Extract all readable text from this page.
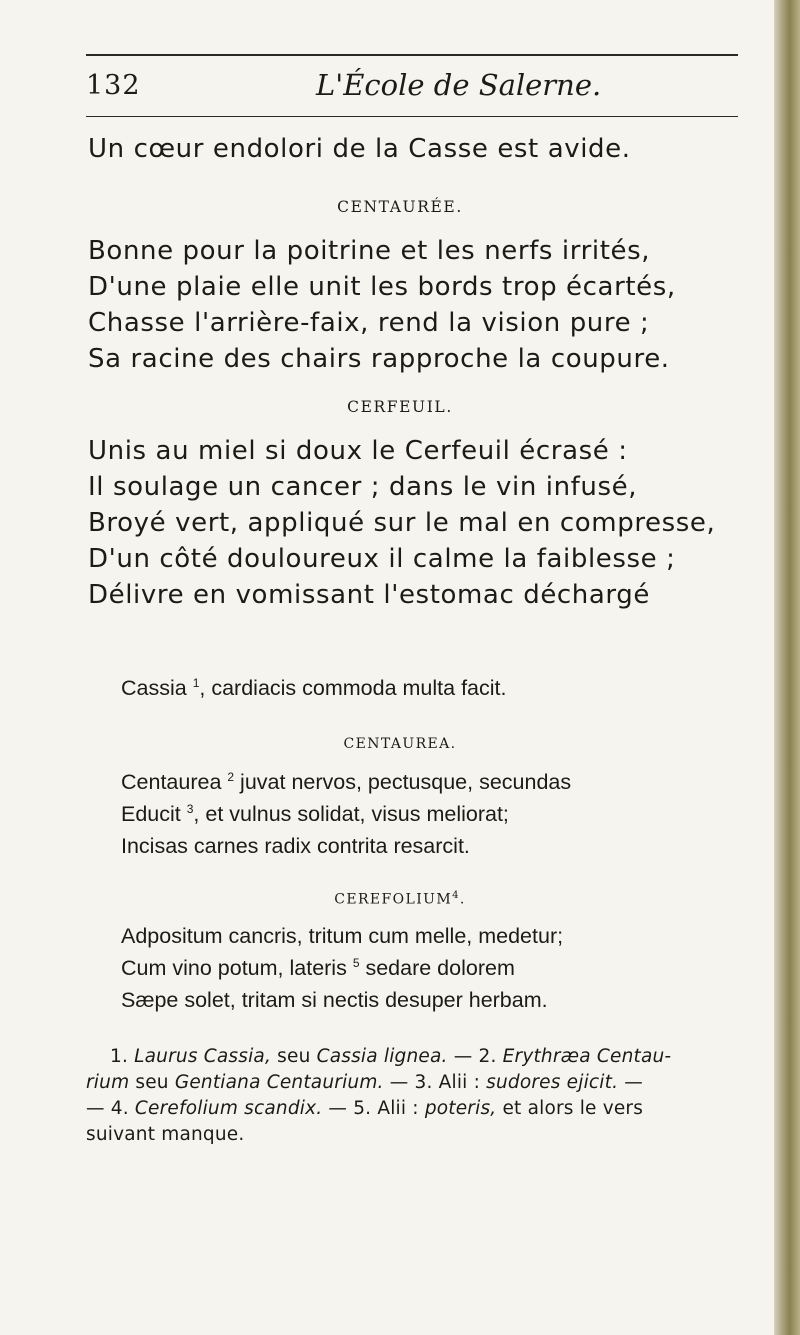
132	L'École de Salerne.

Un cœur endolori de la Casse est avide.

CENTAURÉE.

Bonne pour la poitrine et les nerfs irrités,

D'une plaie elle unit les bords trop écartés,

Chasse l'arrière-faix, rend la vision pure ;

Sa racine des chairs rapproche la coupure.

CERFEUIL.

Unis au miel si doux le Cerfeuil écrasé :

Il soulage un cancer ; dans le vin infusé,

Broyé vert, appliqué sur le mal en compresse,

D'un côté douloureux il calme la faiblesse ;

Délivre en vomissant l'estomac déchargé

Cassia $^1$, cardiacis commoda multa facit.

CENTAUREA.

Centaurea $^2$ juvat nervos, pectusque, secundas

Educit $^3$, et vulnus solidat, visus meliorat;

Incisas carnes radix contrita resarcit.

CEREFOLIUM$^4$.

Adpositum cancris, tritum cum melle, medetur;

Cum vino potum, lateris $^5$ sedare dolorem

Sæpe solet, tritam si nectis desuper herbam.

1. Laurus Cassia, seu Cassia lignea. — 2. Erythræa Centau-

rium seu Gentiana Centaurium. — 3. Alii : sudores ejicit. —

— 4. Cerefolium scandix. — 5. Alii : poteris, et alors le vers

suivant manque.
